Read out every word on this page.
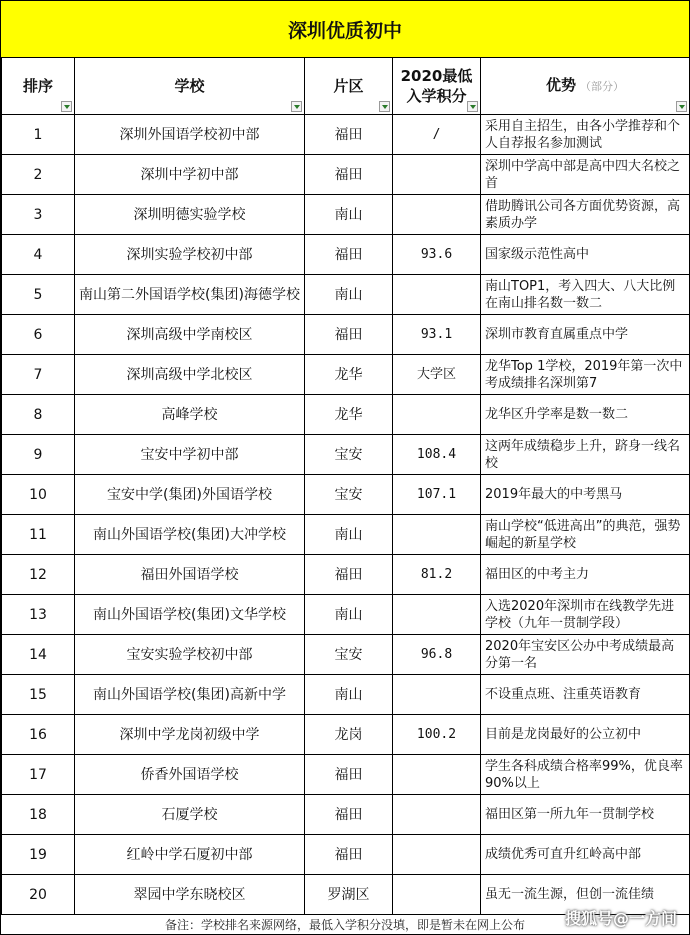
深圳优质初中
排序	学校	片区	2020最低
入学积分	优势 （部分）

1	深圳外国语学校初中部	福田	/	采用自主招生，由各小学推荐和个人自荐报名参加测试
2	深圳中学初中部	福田		深圳中学高中部是高中四大名校之首
3	深圳明德实验学校	南山		借助腾讯公司各方面优势资源，高素质办学
4	深圳实验学校初中部	福田	93.6	国家级示范性高中
5	南山第二外国语学校(集团)海德学校	南山		南山TOP1，考入四大、八大比例在南山排名数一数二
6	深圳高级中学南校区	福田	93.1	深圳市教育直属重点中学
7	深圳高级中学北校区	龙华	大学区	龙华Top 1学校，2019年第一次中考成绩排名深圳第7
8	高峰学校	龙华		龙华区升学率是数一数二
9	宝安中学初中部	宝安	108.4	这两年成绩稳步上升，跻身一线名校
10	宝安中学(集团)外国语学校	宝安	107.1	2019年最大的中考黑马
11	南山外国语学校(集团)大冲学校	南山		南山学校“低进高出”的典范，强势崛起的新星学校
12	福田外国语学校	福田	81.2	福田区的中考主力
13	南山外国语学校(集团)文华学校	南山		入选2020年深圳市在线教学先进学校（九年一贯制学段）
14	宝安实验学校初中部	宝安	96.8	2020年宝安区公办中考成绩最高分第一名
15	南山外国语学校(集团)高新中学	南山		不设重点班、注重英语教育
16	深圳中学龙岗初级中学	龙岗	100.2	目前是龙岗最好的公立初中
17	侨香外国语学校	福田		学生各科成绩合格率99%，优良率90%以上
18	石厦学校	福田		福田区第一所九年一贯制学校
19	红岭中学石厦初中部	福田		成绩优秀可直升红岭高中部
20	翠园中学东晓校区	罗湖区		虽无一流生源，但创一流佳绩
备注：学校排名来源网络，最低入学积分没填，即是暂未在网上公布	搜狐号@一方间
